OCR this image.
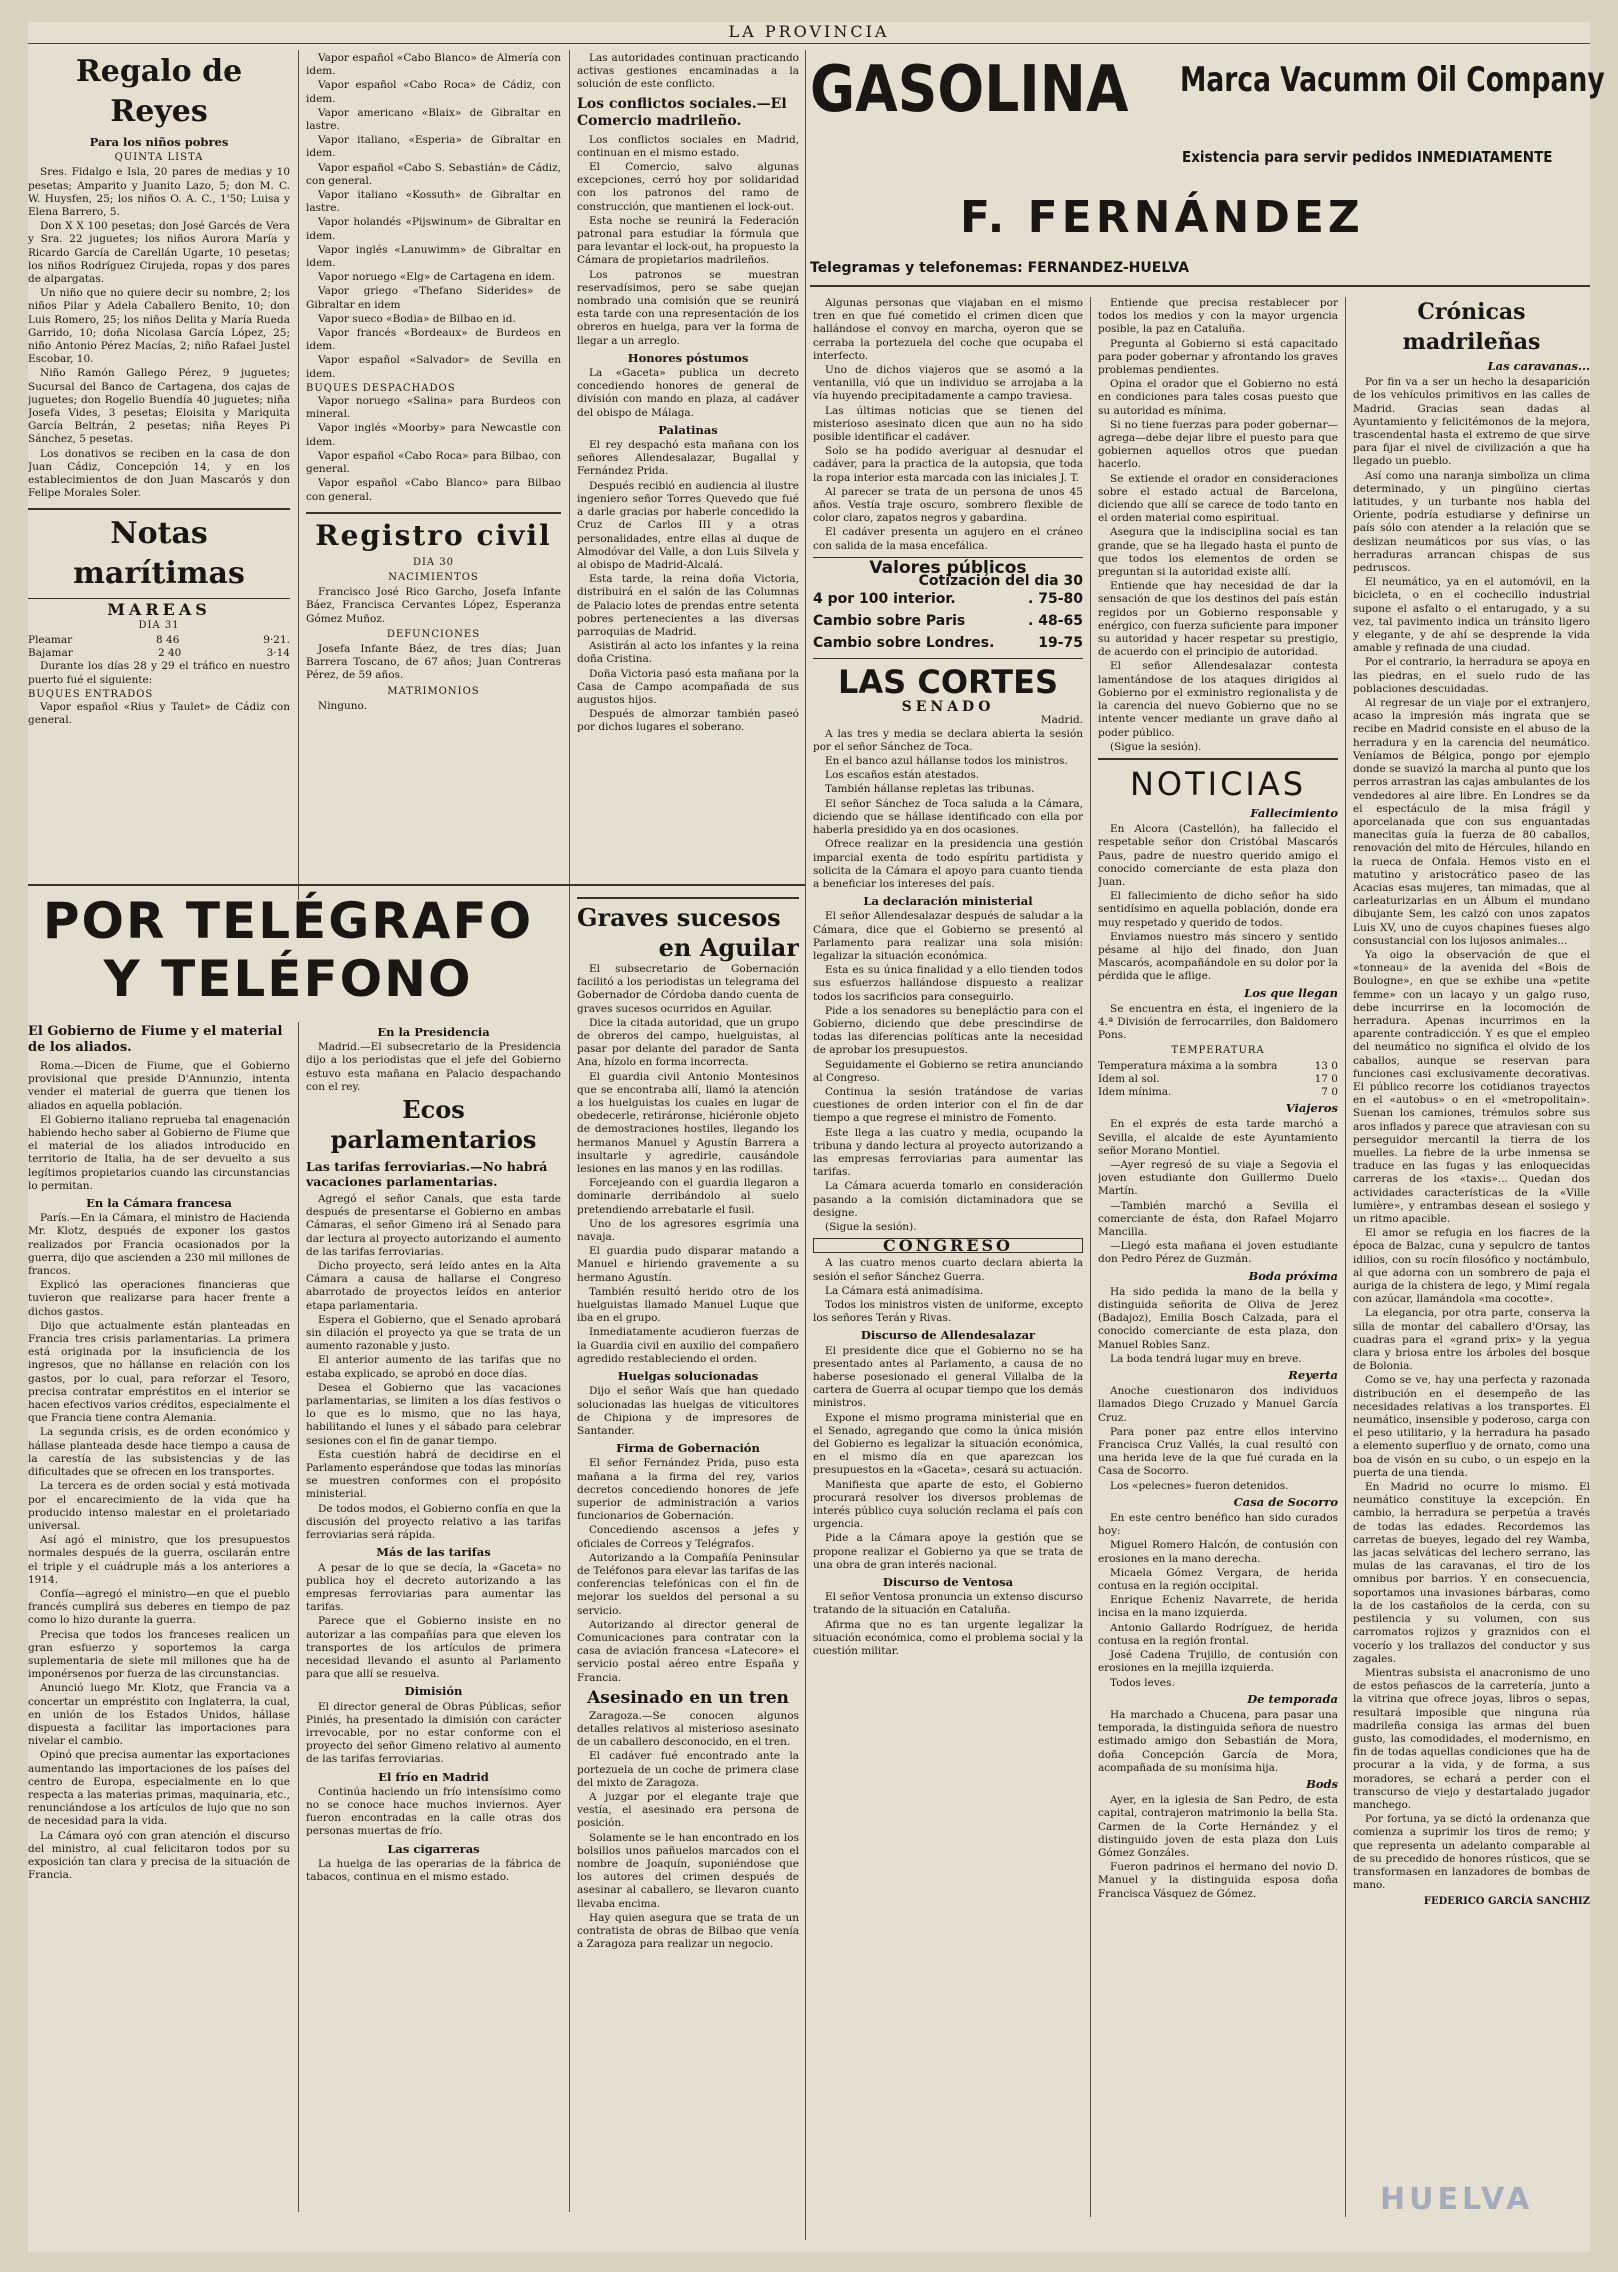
LA PROVINCIA
Regalo de Reyes
Para los niños pobres
QUINTA LISTA

Sres. Fidalgo e Isla, 20 pares de medias y 10 pesetas; Amparito y Juanito Lazo, 5; don M. C. W. Huysfen, 25; los niños O. A. C., 1'50; Luisa y Elena Barrero, 5.

Don X X 100 pesetas; don José Garcés de Vera y Sra. 22 juguetes; los niños Aurora María y Ricardo García de Carellán Ugarte, 10 pesetas; los niños Rodríguez Cirujeda, ropas y dos pares de alpargatas.

Un niño que no quiere decir su nombre, 2; los niños Pilar y Adela Caballero Benito, 10; don Luis Romero, 25; los niños Delita y María Rueda Garrido, 10; doña Nicolasa García López, 25; niño Antonio Pérez Macías, 2; niño Rafael Justel Escobar, 10.

Niño Ramón Gallego Pérez, 9 juguetes; Sucursal del Banco de Cartagena, dos cajas de juguetes; don Rogelio Buendía 40 juguetes; niña Josefa Vides, 3 pesetas; Eloisita y Mariquita García Beltrán, 2 pesetas; niña Reyes Pi Sánchez, 5 pesetas.

Los donativos se reciben en la casa de don Juan Cádiz, Concepción 14, y en los establecimientos de don Juan Mascarós y don Felipe Morales Soler.

Notas marítimas
MAREAS
DIA 31
Pleamar	8 46	9·21.
Bajamar	2 40	3·14

Durante los días 28 y 29 el tráfico en nuestro puerto fué el siguiente:

BUQUES ENTRADOS

Vapor español «Rius y Taulet» de Cádiz con general.

Vapor español «Cabo Blanco» de Almería con idem.

Vapor español «Cabo Roca» de Cádiz, con idem.

Vapor americano «Blaix» de Gibraltar en lastre.

Vapor italiano, «Esperia» de Gibraltar en idem.

Vapor español «Cabo S. Sebastián» de Cádiz, con general.

Vapor italiano «Kossuth» de Gibraltar en lastre.

Vapor holandés «Pijswinum» de Gibraltar en idem.

Vapor inglés «Lanuwimm» de Gibraltar en idem.

Vapor noruego «Elg» de Cartagena en idem.

Vapor griego «Thefano Siderides» de Gibraltar en idem

Vapor sueco «Bodia» de Bilbao en id.

Vapor francés «Bordeaux» de Burdeos en idem.

Vapor español «Salvador» de Sevilla en idem.

BUQUES DESPACHADOS

Vapor noruego «Salina» para Burdeos con mineral.

Vapor inglés «Moorby» para Newcastle con idem.

Vapor español «Cabo Roca» para Bilbao, con general.

Vapor español «Cabo Blanco» para Bilbao con general.

Registro civil
DIA 30
NACIMIENTOS

Francisco José Rico Garcho, Josefa Infante Báez, Francisca Cervantes López, Esperanza Gómez Muñoz.

DEFUNCIONES

Josefa Infante Báez, de tres días; Juan Barrera Toscano, de 67 años; Juan Contreras Pérez, de 59 años.

MATRIMONIOS

Ninguno.

Las autoridades continuan practicando activas gestiones encaminadas a la solución de este conflicto.

Los conflictos sociales.—El Comercio madrileño.

Los conflictos sociales en Madrid, continuan en el mismo estado.

El Comercio, salvo algunas excepciones, cerró hoy por solidaridad con los patronos del ramo de construcción, que mantienen el lock-out.

Esta noche se reunirá la Federación patronal para estudiar la fórmula que para levantar el lock-out, ha propuesto la Cámara de propietarios madrileños.

Los patronos se muestran reservadísimos, pero se sabe quejan nombrado una comisión que se reunirá esta tarde con una representación de los obreros en huelga, para ver la forma de llegar a un arreglo.

Honores póstumos

La «Gaceta» publica un decreto concediendo honores de general de división con mando en plaza, al cadáver del obispo de Málaga.

Palatinas

El rey despachó esta mañana con los señores Allendesalazar, Bugallal y Fernández Prida.

Después recibió en audiencia al ilustre ingeniero señor Torres Quevedo que fué a darle gracias por haberle concedido la Cruz de Carlos III y a otras personalidades, entre ellas al duque de Almodóvar del Valle, a don Luis Silvela y al obispo de Madrid-Alcalá.

Esta tarde, la reina doña Victoria, distribuirá en el salón de las Columnas de Palacio lotes de prendas entre setenta pobres pertenecientes a las diversas parroquias de Madrid.

Asistirán al acto los infantes y la reina doña Cristina.

Doña Victoria pasó esta mañana por la Casa de Campo acompañada de sus augustos hijos.

Después de almorzar también paseó por dichos lugares el soberano.

GASOLINA Marca Vacumm Oil Company
Existencia para servir pedidos INMEDIATAMENTE
F. FERNÁNDEZ
Telegramas y telefonemas: FERNANDEZ-HUELVA
POR TELÉGRAFO
Y TELÉFONO
El Gobierno de Fiume y el material de los aliados.

Roma.—Dicen de Fiume, que el Gobierno provisional que preside D'Annunzio, intenta vender el material de guerra que tienen los aliados en aquella población.

El Gobierno italiano reprueba tal enagenación habiendo hecho saber al Gobierno de Fiume que el material de los aliados introducido en territorio de Italia, ha de ser devuelto a sus legítimos propietarios cuando las circunstancias lo permitan.

En la Cámara francesa

París.—En la Cámara, el ministro de Hacienda Mr. Klotz, después de exponer los gastos realizados por Francia ocasionados por la guerra, dijo que ascienden a 230 mil millones de francos.

Explicó las operaciones financieras que tuvieron que realizarse para hacer frente a dichos gastos.

Dijo que actualmente están planteadas en Francia tres crisis parlamentarias. La primera está originada por la insuficiencia de los ingresos, que no hállanse en relación con los gastos, por lo cual, para reforzar el Tesoro, precisa contratar empréstitos en el interior se hacen efectivos varios créditos, especialmente el que Francia tiene contra Alemania.

La segunda crisis, es de orden económico y hállase planteada desde hace tiempo a causa de la carestía de las subsistencias y de las dificultades que se ofrecen en los transportes.

La tercera es de orden social y está motivada por el encarecimiento de la vida que ha producido intenso malestar en el proletariado universal.

Así agó el ministro, que los presupuestos normales después de la guerra, oscilarán entre el triple y el cuádruple más a los anteriores a 1914.

Confía—agregó el ministro—en que el pueblo francés cumplirá sus deberes en tiempo de paz como lo hizo durante la guerra.

Precisa que todos los franceses realicen un gran esfuerzo y soportemos la carga suplementaria de siete mil millones que ha de imponérsenos por fuerza de las circunstancias.

Anunció luego Mr. Klotz, que Francia va a concertar un empréstito con Inglaterra, la cual, en unión de los Estados Unidos, hállase dispuesta a facilitar las importaciones para nivelar el cambio.

Opinó que precisa aumentar las exportaciones aumentando las importaciones de los países del centro de Europa, especialmente en lo que respecta a las materias primas, maquinaria, etc., renunciándose a los artículos de lujo que no son de necesidad para la vida.

La Cámara oyó con gran atención el discurso del ministro, al cual felicitaron todos por su exposición tan clara y precisa de la situación de Francia.

En la Presidencia

Madrid.—El subsecretario de la Presidencia dijo a los periodistas que el jefe del Gobierno estuvo esta mañana en Palacio despachando con el rey.

Ecos parlamentarios
Las tarifas ferroviarias.—No habrá vacaciones parlamentarias.

Agregó el señor Canals, que esta tarde después de presentarse el Gobierno en ambas Cámaras, el señor Gimeno irá al Senado para dar lectura al proyecto autorizando el aumento de las tarifas ferroviarias.

Dicho proyecto, será leído antes en la Alta Cámara a causa de hallarse el Congreso abarrotado de proyectos leídos en anterior etapa parlamentaria.

Espera el Gobierno, que el Senado aprobará sin dilación el proyecto ya que se trata de un aumento razonable y justo.

El anterior aumento de las tarifas que no estaba explicado, se aprobó en doce días.

Desea el Gobierno que las vacaciones parlamentarias, se limiten a los días festivos o lo que es lo mismo, que no las haya, habilitando el lunes y el sábado para celebrar sesiones con el fin de ganar tiempo.

Esta cuestión habrá de decidirse en el Parlamento esperándose que todas las minorías se muestren conformes con el propósito ministerial.

De todos modos, el Gobierno confía en que la discusión del proyecto relativo a las tarifas ferroviarias será rápida.

Más de las tarifas

A pesar de lo que se decía, la «Gaceta» no publica hoy el decreto autorizando a las empresas ferroviarias para aumentar las tarifas.

Parece que el Gobierno insiste en no autorizar a las compañías para que eleven los transportes de los artículos de primera necesidad llevando el asunto al Parlamento para que allí se resuelva.

Dimisión

El director general de Obras Públicas, señor Piniés, ha presentado la dimisión con carácter irrevocable, por no estar conforme con el proyecto del señor Gimeno relativo al aumento de las tarifas ferroviarias.

El frío en Madrid

Continúa haciendo un frío intensísimo como no se conoce hace muchos inviernos. Ayer fueron encontradas en la calle otras dos personas muertas de frío.

Las cigarreras

La huelga de las operarias de la fábrica de tabacos, continua en el mismo estado.

Graves sucesos
en Aguilar

El subsecretario de Gobernación facilitó a los periodistas un telegrama del Gobernador de Córdoba dando cuenta de graves sucesos ocurridos en Aguilar.

Dice la citada autoridad, que un grupo de obreros del campo, huelguistas, al pasar por delante del parador de Santa Ana, hízolo en forma incorrecta.

El guardia civil Antonio Montesinos que se encontraba allí, llamó la atención a los huelguistas los cuales en lugar de obedecerle, retiráronse, hiciéronle objeto de demostraciones hostiles, llegando los hermanos Manuel y Agustín Barrera a insultarle y agredirle, causándole lesiones en las manos y en las rodillas.

Forcejeando con el guardia llegaron a dominarle derribándolo al suelo pretendiendo arrebatarle el fusil.

Uno de los agresores esgrimía una navaja.

El guardia pudo disparar matando a Manuel e hiriendo gravemente a su hermano Agustín.

También resultó herido otro de los huelguistas llamado Manuel Luque que iba en el grupo.

Inmediatamente acudieron fuerzas de la Guardia civil en auxilio del compañero agredido restableciendo el orden.

Huelgas solucionadas

Dijo el señor Waís que han quedado solucionadas las huelgas de viticultores de Chipiona y de impresores de Santander.

Firma de Gobernación

El señor Fernández Prida, puso esta mañana a la firma del rey, varios decretos concediendo honores de jefe superior de administración a varios funcionarios de Gobernación.

Concediendo ascensos a jefes y oficiales de Correos y Telégrafos.

Autorizando a la Compañía Peninsular de Teléfonos para elevar las tarifas de las conferencias telefónicas con el fin de mejorar los sueldos del personal a su servicio.

Autorizando al director general de Comunicaciones para contratar con la casa de aviación francesa «Latecore» el servicio postal aéreo entre España y Francia.

Asesinado en un tren

Zaragoza.—Se conocen algunos detalles relativos al misterioso asesinato de un caballero desconocido, en el tren.

El cadáver fué encontrado ante la portezuela de un coche de primera clase del mixto de Zaragoza.

A juzgar por el elegante traje que vestía, el asesinado era persona de posición.

Solamente se le han encontrado en los bolsillos unos pañuelos marcados con el nombre de Joaquín, suponiéndose que los autores del crimen después de asesinar al caballero, se llevaron cuanto llevaba encima.

Hay quien asegura que se trata de un contratista de obras de Bilbao que venía a Zaragoza para realizar un negocio.

Algunas personas que viajaban en el mismo tren en que fué cometido el crimen dicen que hallándose el convoy en marcha, oyeron que se cerraba la portezuela del coche que ocupaba el interfecto.

Uno de dichos viajeros que se asomó a la ventanilla, vió que un individuo se arrojaba a la vía huyendo precipitadamente a campo traviesa.

Las últimas noticias que se tienen del misterioso asesinato dicen que aun no ha sido posible identificar el cadáver.

Solo se ha podido averiguar al desnudar el cadáver, para la practica de la autopsia, que toda la ropa interior esta marcada con las iniciales J. T.

Al parecer se trata de un persona de unos 45 años. Vestía traje oscuro, sombrero flexible de color claro, zapatos negros y gabardina.

El cadáver presenta un agujero en el cráneo con salida de la masa encefálica.

Valores públicos
Cotización del dia 30
4 por 100 interior.	. 75-80
Cambio sobre Paris	. 48-65
Cambio sobre Londres.	19-75
LAS CORTES
SENADO
Madrid.

A las tres y media se declara abierta la sesión por el señor Sánchez de Toca.

En el banco azul hállanse todos los ministros.

Los escaños están atestados.

También hállanse repletas las tribunas.

El señor Sánchez de Toca saluda a la Cámara, diciendo que se hállase identificado con ella por haberla presidido ya en dos ocasiones.

Ofrece realizar en la presidencia una gestión imparcial exenta de todo espíritu partidista y solicita de la Cámara el apoyo para cuanto tienda a beneficiar los intereses del país.

La declaración ministerial

El señor Allendesalazar después de saludar a la Cámara, dice que el Gobierno se presentó al Parlamento para realizar una sola misión: legalizar la situación económica.

Esta es su única finalidad y a ello tienden todos sus esfuerzos hallándose dispuesto a realizar todos los sacrificios para conseguirlo.

Pide a los senadores su benepláctio para con el Gobierno, diciendo que debe prescindirse de todas las diferencias políticas ante la necesidad de aprobar los presupuestos.

Seguidamente el Gobierno se retira anunciando al Congreso.

Continua la sesión tratándose de varias cuestiones de orden interior con el fin de dar tiempo a que regrese el ministro de Fomento.

Este llega a las cuatro y media, ocupando la tribuna y dando lectura al proyecto autorizando a las empresas ferroviarias para aumentar las tarifas.

La Cámara acuerda tomarlo en consideración pasando a la comisión dictaminadora que se designe.

(Sigue la sesión).

CONGRESO

A las cuatro menos cuarto declara abierta la sesión el señor Sánchez Guerra.

La Cámara está animadísima.

Todos los ministros visten de uniforme, excepto los señores Terán y Rivas.

Discurso de Allendesalazar

El presidente dice que el Gobierno no se ha presentado antes al Parlamento, a causa de no haberse posesionado el general Villalba de la cartera de Guerra al ocupar tiempo que los demás ministros.

Expone el mismo programa ministerial que en el Senado, agregando que como la única misión del Gobierno es legalizar la situación económica, en el mismo día en que aparezcan los presupuestos en la «Gaceta», cesará su actuación.

Manifiesta que aparte de esto, el Gobierno procurará resolver los diversos problemas de interés público cuya solución reclama el país con urgencia.

Pide a la Cámara apoye la gestión que se propone realizar el Gobierno ya que se trata de una obra de gran interés nacional.

Discurso de Ventosa

El señor Ventosa pronuncia un extenso discurso tratando de la situación en Cataluña.

Afirma que no es tan urgente legalizar la situación económica, como el problema social y la cuestión militar.

Entiende que precisa restablecer por todos los medios y con la mayor urgencia posible, la paz en Cataluña.

Pregunta al Gobierno si está capacitado para poder gobernar y afrontando los graves problemas pendientes.

Opina el orador que el Gobierno no está en condiciones para tales cosas puesto que su autoridad es mínima.

Si no tiene fuerzas para poder gobernar—agrega—debe dejar libre el puesto para que gobiernen aquellos otros que puedan hacerlo.

Se extiende el orador en consideraciones sobre el estado actual de Barcelona, diciendo que allí se carece de todo tanto en el orden material como espiritual.

Asegura que la indisciplina social es tan grande, que se ha llegado hasta el punto de que todos los elementos de orden se preguntan si la autoridad existe allí.

Entiende que hay necesidad de dar la sensación de que los destinos del país están regidos por un Gobierno responsable y enérgico, con fuerza suficiente para imponer su autoridad y hacer respetar su prestigio, de acuerdo con el principio de autoridad.

El señor Allendesalazar contesta lamentándose de los ataques dirigidos al Gobierno por el exministro regionalista y de la carencia del nuevo Gobierno que no se intente vencer mediante un grave daño al poder público.

(Sigue la sesión).

NOTICIAS
Fallecimiento

En Alcora (Castellón), ha fallecido el respetable señor don Cristóbal Mascarós Paus, padre de nuestro querido amigo el conocido comerciante de esta plaza don Juan.

El fallecimiento de dicho señor ha sido sentidísimo en aquella población, donde era muy respetado y querido de todos.

Enviamos nuestro más sincero y sentido pésame al hijo del finado, don Juan Mascarós, acompañándole en su dolor por la pérdida que le aflige.

Los que llegan

Se encuentra en ésta, el ingeniero de la 4.ª División de ferrocarriles, don Baldomero Pons.

TEMPERATURA
Temperatura máxima a la sombra	13 0
Idem al sol.	17 0
Idem mínima.	7 0
Viajeros

En el exprés de esta tarde marchó a Sevilla, el alcalde de este Ayuntamiento señor Morano Montiel.

—Ayer regresó de su viaje a Segovia el joven estudiante don Guillermo Duelo Martín.

—También marchó a Sevilla el comerciante de ésta, don Rafael Mojarro Mancilla.

—Llegó esta mañana el joven estudiante don Pedro Pérez de Guzmán.

Boda próxima

Ha sido pedida la mano de la bella y distinguida señorita de Oliva de Jerez (Badajoz), Emilia Bosch Calzada, para el conocido comerciante de esta plaza, don Manuel Robles Sanz.

La boda tendrá lugar muy en breve.

Reyerta

Anoche cuestionaron dos individuos llamados Diego Cruzado y Manuel García Cruz.

Para poner paz entre ellos intervino Francisca Cruz Vallés, la cual resultó con una herida leve de la que fué curada en la Casa de Socorro.

Los «pelecnes» fueron detenidos.

Casa de Socorro

En este centro benéfico han sido curados hoy:

Miguel Romero Halcón, de contusión con erosiones en la mano derecha.

Micaela Gómez Vergara, de herida contusa en la región occipital.

Enrique Echeniz Navarrete, de herida incisa en la mano izquierda.

Antonio Gallardo Rodríguez, de herida contusa en la región frontal.

José Cadena Trujillo, de contusión con erosiones en la mejilla izquierda.

Todos leves.

De temporada

Ha marchado a Chucena, para pasar una temporada, la distinguida señora de nuestro estimado amigo don Sebastián de Mora, doña Concepción García de Mora, acompañada de su monísima hija.

Bods

Ayer, en la iglesia de San Pedro, de esta capital, contrajeron matrimonio la bella Sta. Carmen de la Corte Hernández y el distinguido joven de esta plaza don Luis Gómez Gonzáles.

Fueron padrinos el hermano del novio D. Manuel y la distinguida esposa doña Francisca Vásquez de Gómez.

Crónicas madrileñas
Las caravanas...

Por fin va a ser un hecho la desaparición de los vehículos primitivos en las calles de Madrid. Gracias sean dadas al Ayuntamiento y felicitémonos de la mejora, trascendental hasta el extremo de que sirve para fijar el nivel de civilización a que ha llegado un pueblo.

Así como una naranja simboliza un clima determinado, y un pingüino ciertas latitudes, y un turbante nos habla del Oriente, podría estudiarse y definirse un país sólo con atender a la relación que se deslizan neumáticos por sus vías, o las herraduras arrancan chispas de sus pedruscos.

El neumático, ya en el automóvil, en la bicicleta, o en el cochecillo industrial supone el asfalto o el entarugado, y a su vez, tal pavimento indica un tránsito ligero y elegante, y de ahí se desprende la vida amable y refinada de una ciudad.

Por el contrario, la herradura se apoya en las piedras, en el suelo rudo de las poblaciones descuidadas.

Al regresar de un viaje por el extranjero, acaso la impresión más ingrata que se recibe en Madrid consiste en el abuso de la herradura y en la carencia del neumático. Veníamos de Bélgica, pongo por ejemplo donde se suavizó la marcha al punto que los perros arrastran las cajas ambulantes de los vendedores al aire libre. En Londres se da el espectáculo de la misa frágil y aporcelanada que con sus enguantadas manecitas guía la fuerza de 80 caballos, renovación del mito de Hércules, hilando en la rueca de Onfala. Hemos visto en el matutino y aristocrático paseo de las Acacias esas mujeres, tan mimadas, que al carleaturizarlas en un Álbum el mundano dibujante Sem, les calzó con unos zapatos Luis XV, uno de cuyos chapines fueses algo consustancial con los lujosos animales...

Ya oigo la observación de que el «tonneau» de la avenida del «Bois de Boulogne», en que se exhibe una «petite femme» con un lacayo y un galgo ruso, debe incurrirse en la locomoción de herradura. Apenas incurrimos en la aparente contradicción. Y es que el empleo del neumático no significa el olvido de los caballos, aunque se reservan para funciones casi exclusivamente decorativas. El público recorre los cotidianos trayectos en el «autobus» o en el «metropolitain». Suenan los camiones, trémulos sobre sus aros inflados y parece que atraviesan con su perseguidor mercantil la tierra de los muelles. La fiebre de la urbe inmensa se traduce en las fugas y las enloquecidas carreras de los «taxis»... Quedan dos actividades características de la «Ville lumière», y entrambas desean el sosiego y un ritmo apacible.

El amor se refugia en los fiacres de la época de Balzac, cuna y sepulcro de tantos idilios, con su rocín filosófico y noctámbulo, al que adorna con un sombrero de paja el auriga de la chistera de lego, y Mimí regala con azúcar, llamándola «ma cocotte».

La elegancia, por otra parte, conserva la silla de montar del caballero d'Orsay, las cuadras para el «grand prix» y la yegua clara y briosa entre los árboles del bosque de Bolonia.

Como se ve, hay una perfecta y razonada distribución en el desempeño de las necesidades relativas a los transportes. El neumático, insensible y poderoso, carga con el peso utilitario, y la herradura ha pasado a elemento superfluo y de ornato, como una boa de visón en su cubo, o un espejo en la puerta de una tienda.

En Madrid no ocurre lo mismo. El neumático constituye la excepción. En cambio, la herradura se perpetúa a través de todas las edades. Recordemos las carretas de bueyes, legado del rey Wamba, las jacas selváticas del lechero serrano, las mulas de las caravanas, el tiro de los omnibus por barrios. Y en consecuencia, soportamos una invasiones bárbaras, como la de los castañolos de la cerda, con su pestilencia y su volumen, con sus carromatos rojizos y graznidos con el vocerío y los trallazos del conductor y sus zagales.

Mientras subsista el anacronismo de uno de estos peñascos de la carretería, junto a la vitrina que ofrece joyas, libros o sepas, resultará imposible que ninguna rúa madrileña consiga las armas del buen gusto, las comodidades, el modernismo, en fin de todas aquellas condiciones que ha de procurar a la vida, y de forma, a sus moradores, se echará a perder con el transcurso de viejo y destartalado jugador manchego.

Por fortuna, ya se dictó la ordenanza que comienza a suprimir los tiros de remo; y que representa un adelanto comparable al de su precedido de honores rústicos, que se transformasen en lanzadores de bombas de mano.

FEDERICO GARCÍA SANCHIZ
HUELVA
